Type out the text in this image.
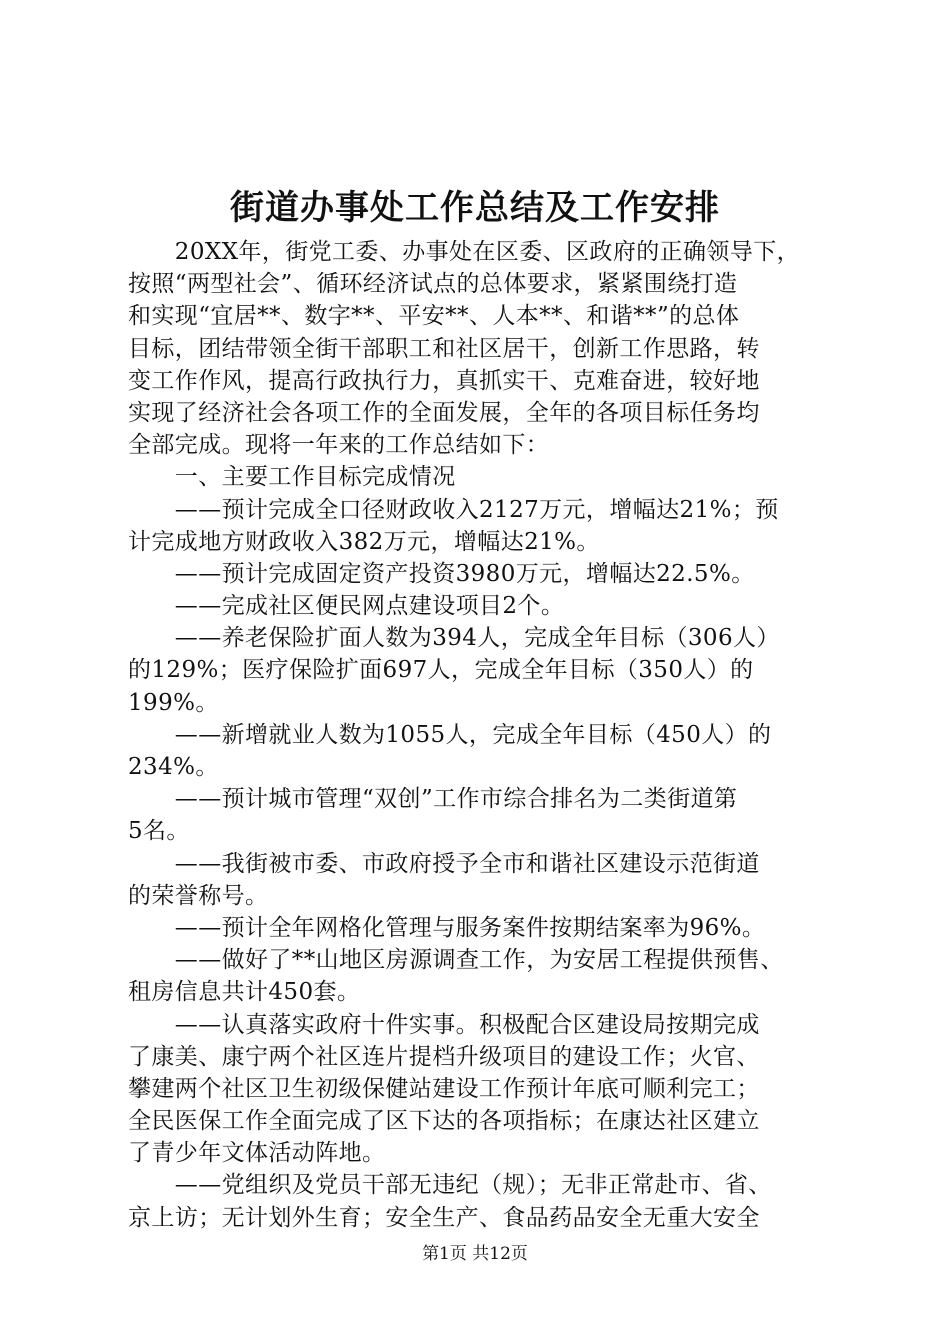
街道办事处工作总结及工作安排
　　20XX年，街党工委、办事处在区委、区政府的正确领导下，
按照“两型社会”、循环经济试点的总体要求，紧紧围绕打造
和实现“宜居**、数字**、平安**、人本**、和谐**”的总体
目标，团结带领全街干部职工和社区居干，创新工作思路，转
变工作作风，提高行政执行力，真抓实干、克难奋进，较好地
实现了经济社会各项工作的全面发展，全年的各项目标任务均
全部完成。现将一年来的工作总结如下：
　　一、主要工作目标完成情况
　　——预计完成全口径财政收入2127万元，增幅达21%；预
计完成地方财政收入382万元，增幅达21%。
　　——预计完成固定资产投资3980万元，增幅达22.5%。
　　——完成社区便民网点建设项目2个。
　　——养老保险扩面人数为394人，完成全年目标（306人）
的129%；医疗保险扩面697人，完成全年目标（350人）的
199%。
　　——新增就业人数为1055人，完成全年目标（450人）的
234%。
　　——预计城市管理“双创”工作市综合排名为二类街道第
5名。
　　——我街被市委、市政府授予全市和谐社区建设示范街道
的荣誉称号。
　　——预计全年网格化管理与服务案件按期结案率为96%。
　　——做好了**山地区房源调查工作，为安居工程提供预售、
租房信息共计450套。
　　——认真落实政府十件实事。积极配合区建设局按期完成
了康美、康宁两个社区连片提档升级项目的建设工作；火官、
攀建两个社区卫生初级保健站建设工作预计年底可顺利完工；
全民医保工作全面完成了区下达的各项指标；在康达社区建立
了青少年文体活动阵地。
　　——党组织及党员干部无违纪（规）；无非正常赴市、省、
京上访；无计划外生育；安全生产、食品药品安全无重大安全
第1页 共12页
